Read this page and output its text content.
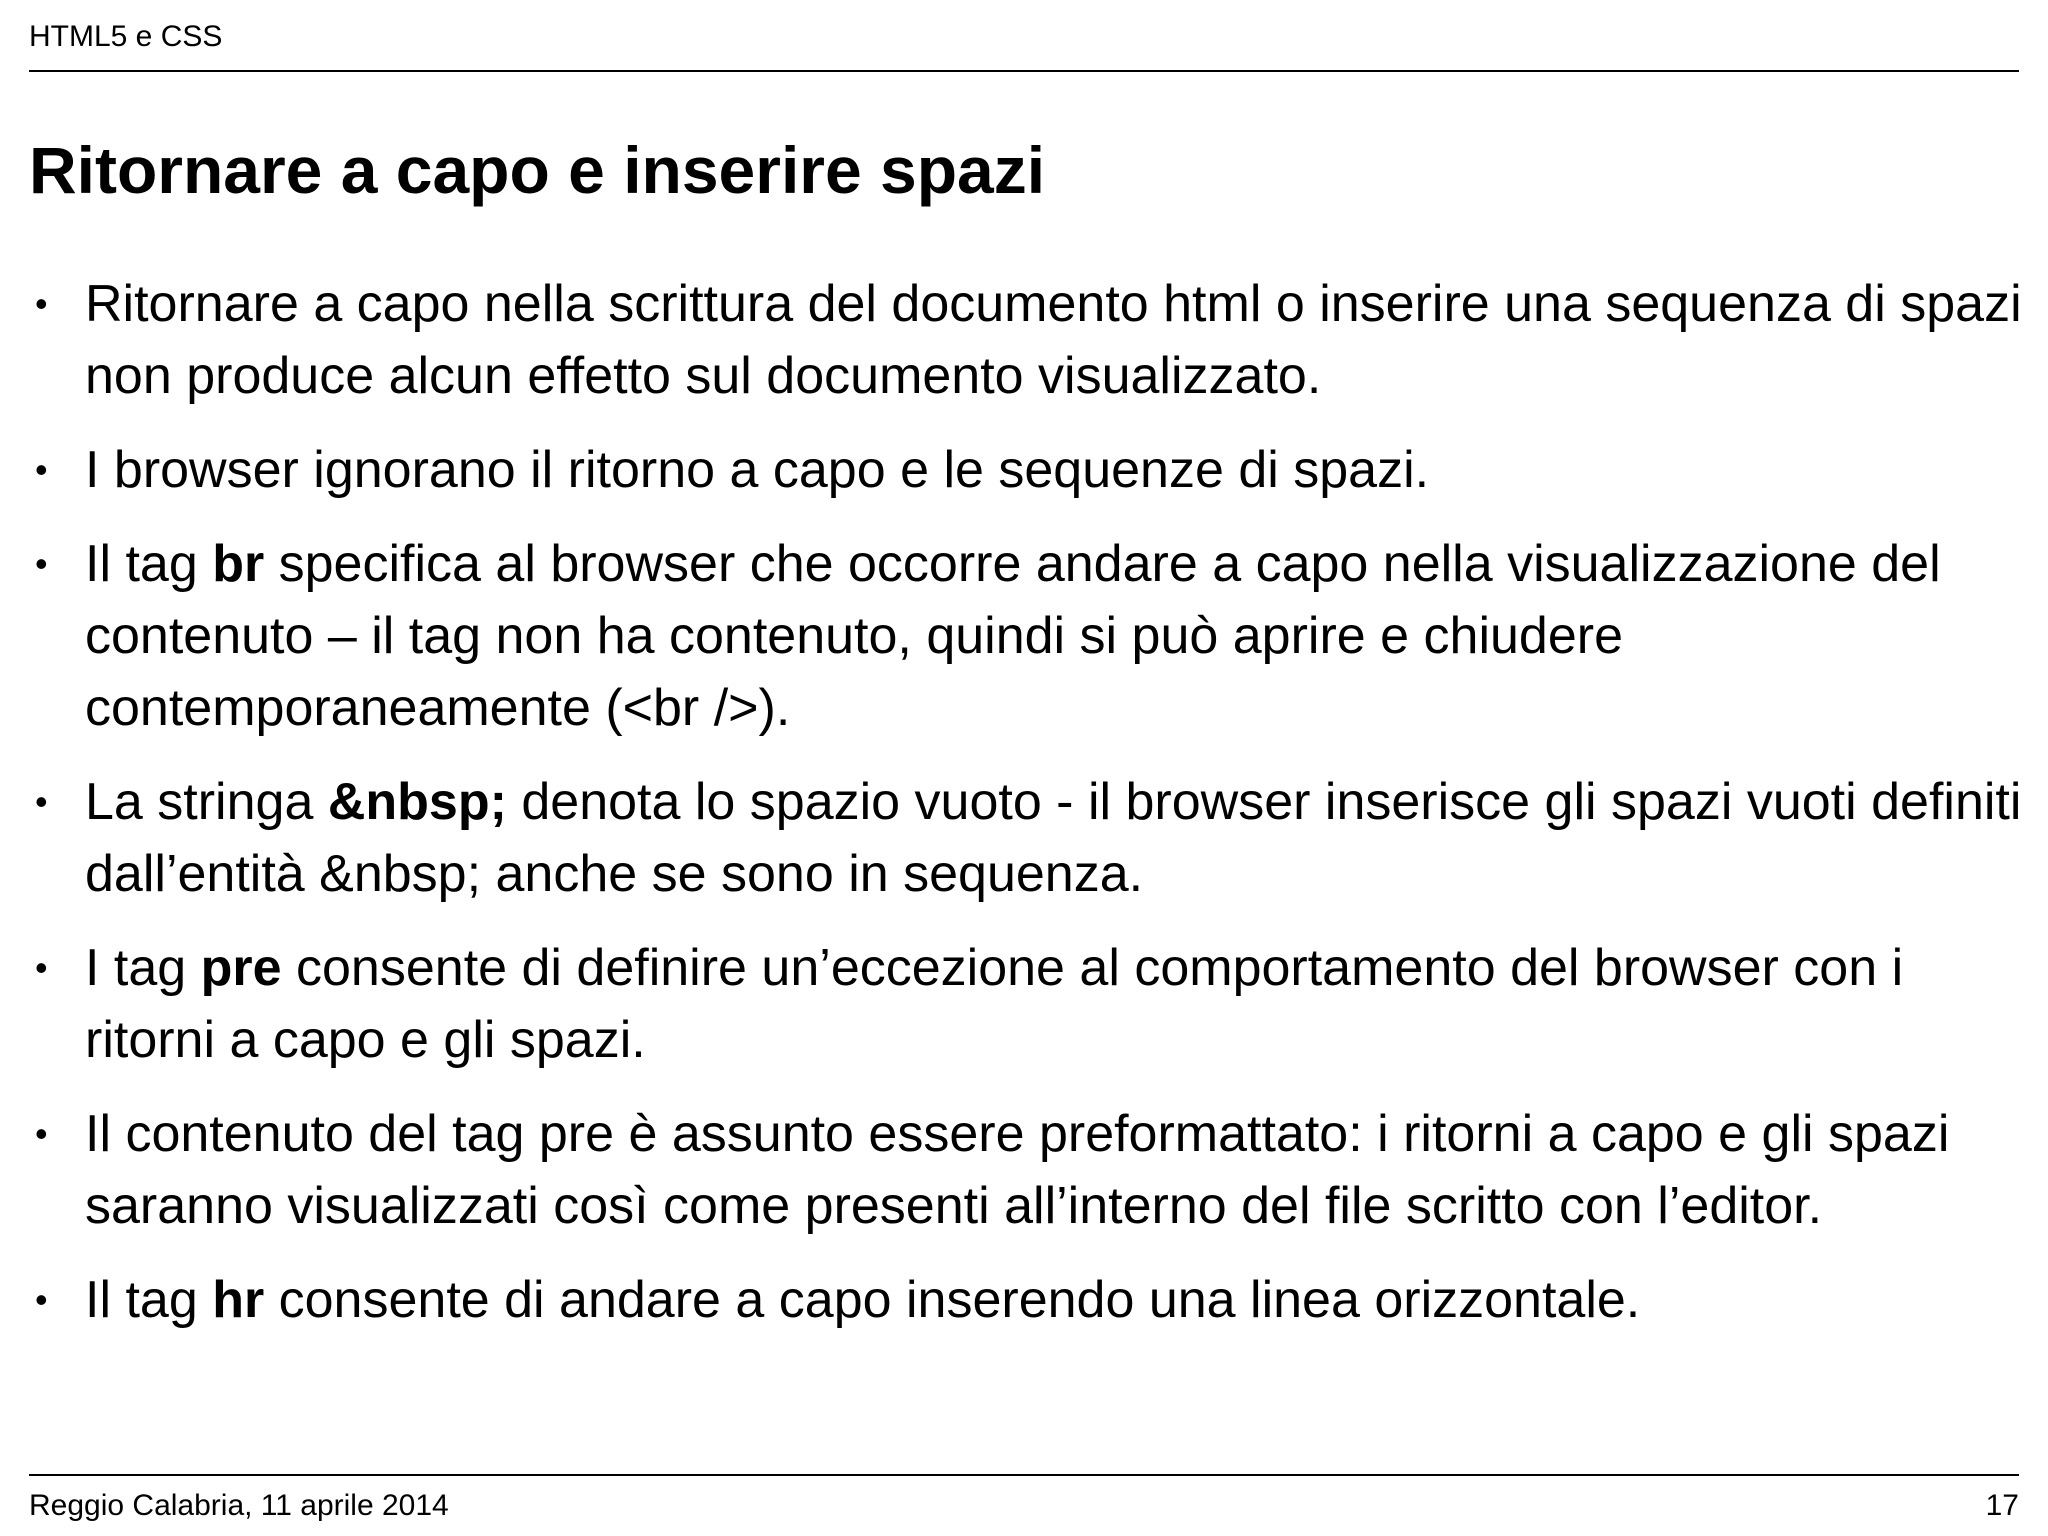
HTML5 e CSS
Ritornare a capo e inserire spazi
• Ritornare a capo nella scrittura del documento html o inserire una sequenza di spazi non produce alcun effetto sul documento visualizzato.
• I browser ignorano il ritorno a capo e le sequenze di spazi.
• Il tag br specifica al browser che occorre andare a capo nella visualizzazione del contenuto – il tag non ha contenuto, quindi si può aprire e chiudere contemporaneamente (<br />).
• La stringa &nbsp; denota lo spazio vuoto - il browser inserisce gli spazi vuoti definiti dall’entità &nbsp; anche se sono in sequenza.
• I tag pre consente di definire un’eccezione al comportamento del browser con i ritorni a capo e gli spazi.
• Il contenuto del tag pre è assunto essere preformattato: i ritorni a capo e gli spazi saranno visualizzati così come presenti all’interno del file scritto con l’editor.
• Il tag hr consente di andare a capo inserendo una linea orizzontale.
Reggio Calabria, 11 aprile 2014	17
